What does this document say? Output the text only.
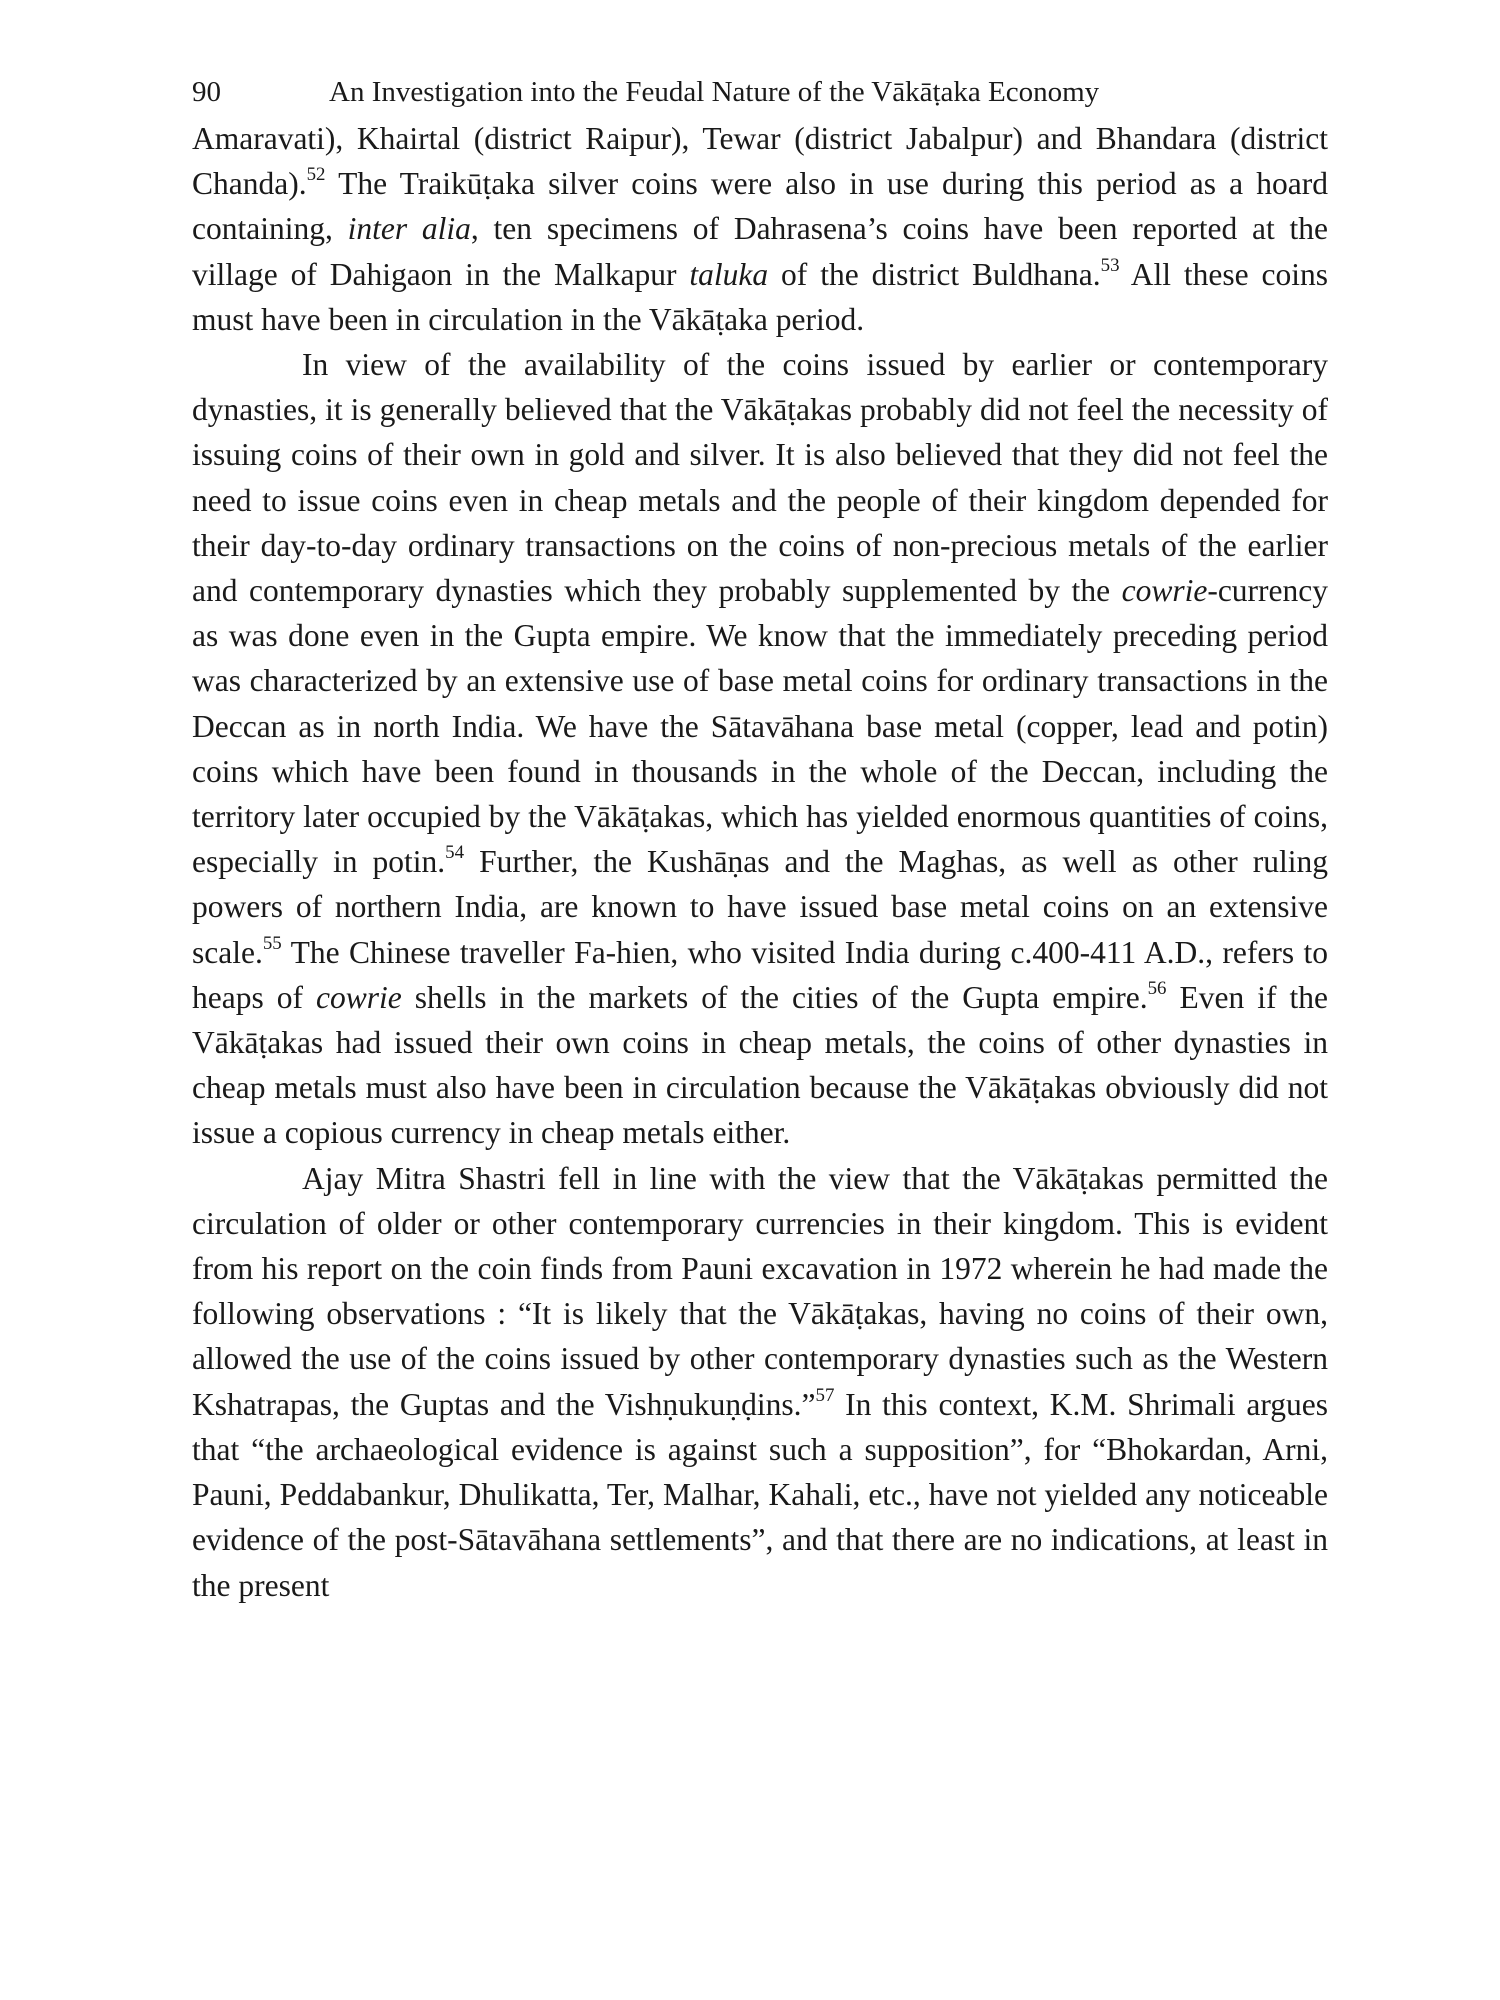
90	An Investigation into the Feudal Nature of the Vākāṭaka Economy

Amaravati), Khairtal (district Raipur), Tewar (district Jabalpur) and Bhandara (district Chanda).$^{52}$ The Traikūṭaka silver coins were also in use during this period as a hoard containing, inter alia, ten specimens of Dahrasena’s coins have been reported at the village of Dahigaon in the Malkapur taluka of the district Buldhana.$^{53}$ All these coins must have been in circulation in the Vākāṭaka period.

In view of the availability of the coins issued by earlier or contemporary dynasties, it is generally believed that the Vākāṭakas probably did not feel the necessity of issuing coins of their own in gold and silver. It is also believed that they did not feel the need to issue coins even in cheap metals and the people of their kingdom depended for their day-to-day ordinary transactions on the coins of non-precious metals of the earlier and contemporary dynasties which they probably supplemented by the cowrie-currency as was done even in the Gupta empire. We know that the immediately preceding period was characterized by an extensive use of base metal coins for ordinary transactions in the Deccan as in north India. We have the Sātavāhana base metal (copper, lead and potin) coins which have been found in thousands in the whole of the Deccan, including the territory later occupied by the Vākāṭakas, which has yielded enormous quantities of coins, especially in potin.$^{54}$ Further, the Kushāṇas and the Maghas, as well as other ruling powers of northern India, are known to have issued base metal coins on an extensive scale.$^{55}$ The Chinese traveller Fa-hien, who visited India during c.400-411 A.D., refers to heaps of cowrie shells in the markets of the cities of the Gupta empire.$^{56}$ Even if the Vākāṭakas had issued their own coins in cheap metals, the coins of other dynasties in cheap metals must also have been in circulation because the Vākāṭakas obviously did not issue a copious currency in cheap metals either.

Ajay Mitra Shastri fell in line with the view that the Vākāṭakas permitted the circulation of older or other contemporary currencies in their kingdom. This is evident from his report on the coin finds from Pauni excavation in 1972 wherein he had made the following observations : “It is likely that the Vākāṭakas, having no coins of their own, allowed the use of the coins issued by other contemporary dynasties such as the Western Kshatrapas, the Guptas and the Vishṇukuṇḍins.”$^{57}$ In this context, K.M. Shrimali argues that “the archaeological evidence is against such a supposition”, for “Bhokardan, Arni, Pauni, Peddabankur, Dhulikatta, Ter, Malhar, Kahali, etc., have not yielded any noticeable evidence of the post-Sātavāhana settlements”, and that there are no indications, at least in the present
